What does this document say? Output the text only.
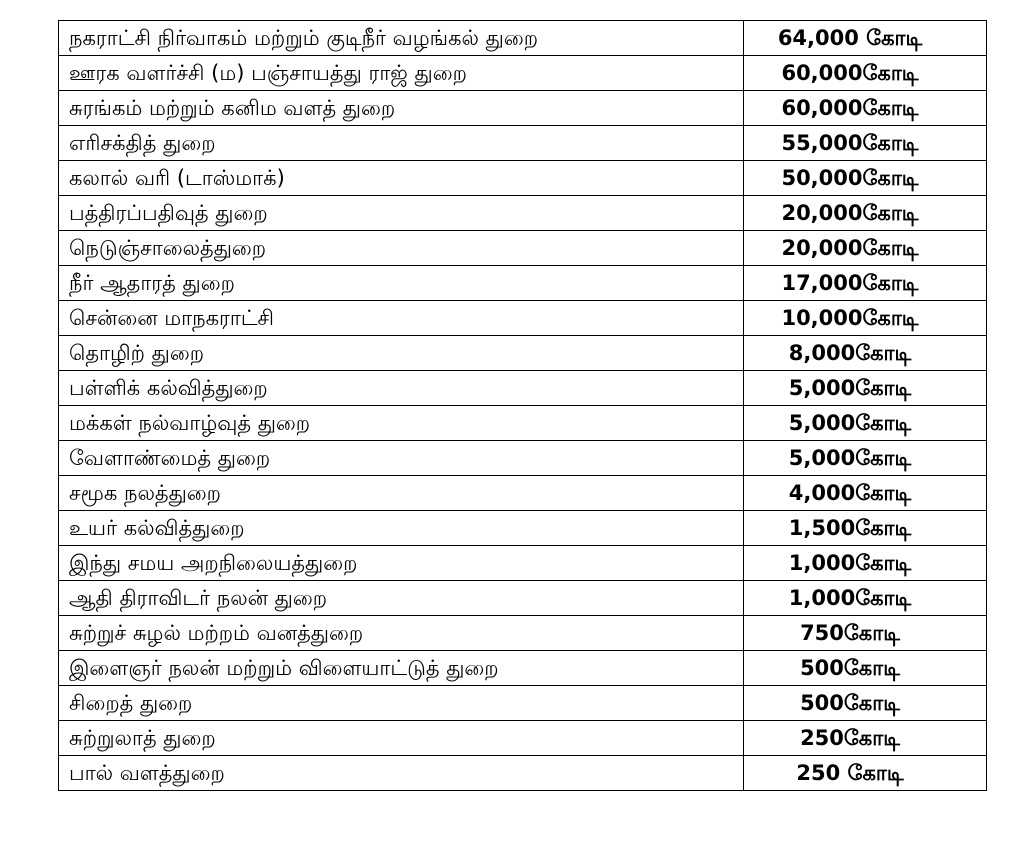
நகராட்சி நிர்வாகம் மற்றும் குடிநீர் வழங்கல் துறை	64,000 கோடி
ஊரக வளர்ச்சி (ம) பஞ்சாயத்து ராஜ் துறை	60,000கோடி
சுரங்கம் மற்றும் கனிம வளத் துறை	60,000கோடி
எரிசக்தித் துறை	55,000கோடி
கலால் வரி (டாஸ்மாக்)	50,000கோடி
பத்திரப்பதிவுத் துறை	20,000கோடி
நெடுஞ்சாலைத்துறை	20,000கோடி
நீர் ஆதாரத் துறை	17,000கோடி
சென்னை மாநகராட்சி	10,000கோடி
தொழிற் துறை	8,000கோடி
பள்ளிக் கல்வித்துறை	5,000கோடி
மக்கள் நல்வாழ்வுத் துறை	5,000கோடி
வேளாண்மைத் துறை	5,000கோடி
சமூக நலத்துறை	4,000கோடி
உயர் கல்வித்துறை	1,500கோடி
இந்து சமய அறநிலையத்துறை	1,000கோடி
ஆதி திராவிடர் நலன் துறை	1,000கோடி
சுற்றுச் சுழல் மற்றம் வனத்துறை	750கோடி
இளைஞர் நலன் மற்றும் விளையாட்டுத் துறை	500கோடி
சிறைத் துறை	500கோடி
சுற்றுலாத் துறை	250கோடி
பால் வளத்துறை	250 கோடி
